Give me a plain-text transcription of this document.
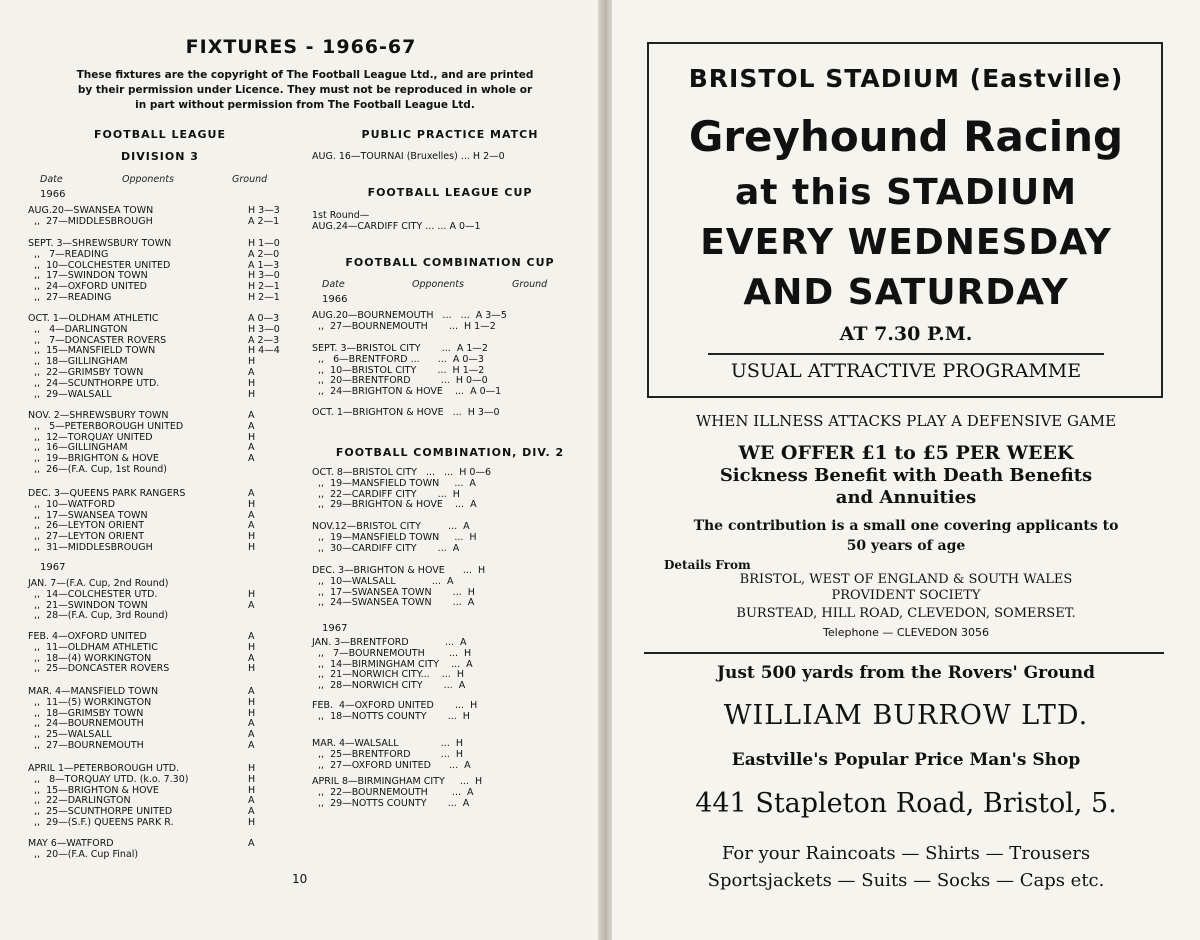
FIXTURES - 1966-67
These fixtures are the copyright of The Football League Ltd., and are printed
by their permission under Licence. They must not be reproduced in whole or
in part without permission from The Football League Ltd.
FOOTBALL LEAGUE
DIVISION 3
Date	Opponents	Ground
1966
1967
AUG.20—SWANSEA TOWN	H 3—3
,,  27—MIDDLESBROUGH	A 2—1
SEPT. 3—SHREWSBURY TOWN	H 1—0
,,   7—READING	A 2—0
,,  10—COLCHESTER UNITED	A 1—3
,,  17—SWINDON TOWN	H 3—0
,,  24—OXFORD UNITED	H 2—1
,,  27—READING	H 2—1
OCT. 1—OLDHAM ATHLETIC	A 0—3
,,   4—DARLINGTON	H 3—0
,,   7—DONCASTER ROVERS	A 2—3
,,  15—MANSFIELD TOWN	H 4—4
,,  18—GILLINGHAM	H
,,  22—GRIMSBY TOWN	A
,,  24—SCUNTHORPE UTD.	H
,,  29—WALSALL	H
NOV. 2—SHREWSBURY TOWN	A
,,   5—PETERBOROUGH UNITED	A
,,  12—TORQUAY UNITED	H
,,  16—GILLINGHAM	A
,,  19—BRIGHTON & HOVE	A
,,  26—(F.A. Cup, 1st Round)
DEC. 3—QUEENS PARK RANGERS	A
,,  10—WATFORD	H
,,  17—SWANSEA TOWN	A
,,  26—LEYTON ORIENT	A
,,  27—LEYTON ORIENT	H
,,  31—MIDDLESBROUGH	H
JAN. 7—(F.A. Cup, 2nd Round)
,,  14—COLCHESTER UTD.	H
,,  21—SWINDON TOWN	A
,,  28—(F.A. Cup, 3rd Round)
FEB. 4—OXFORD UNITED	A
,,  11—OLDHAM ATHLETIC	H
,,  18—(4) WORKINGTON	A
,,  25—DONCASTER ROVERS	H
MAR. 4—MANSFIELD TOWN	A
,,  11—(5) WORKINGTON	H
,,  18—GRIMSBY TOWN	H
,,  24—BOURNEMOUTH	A
,,  25—WALSALL	A
,,  27—BOURNEMOUTH	A
APRIL 1—PETERBOROUGH UTD.	H
,,   8—TORQUAY UTD. (k.o. 7.30)	H
,,  15—BRIGHTON & HOVE	H
,,  22—DARLINGTON	A
,,  25—SCUNTHORPE UNITED	A
,,  29—(S.F.) QUEENS PARK R.	H
MAY 6—WATFORD	A
,,  20—(F.A. Cup Final)
PUBLIC PRACTICE MATCH
AUG. 16—TOURNAI (Bruxelles) ... H 2—0
FOOTBALL LEAGUE CUP
1st Round—
AUG.24—CARDIFF CITY ... ... A 0—1
FOOTBALL COMBINATION CUP
Date	Opponents	Ground
1966
AUG.20—BOURNEMOUTH   ...   ...  A 3—5
,,  27—BOURNEMOUTH       ...  H 1—2
SEPT. 3—BRISTOL CITY       ...  A 1—2
,,   6—BRENTFORD ...      ...  A 0—3
,,  10—BRISTOL CITY       ...  H 1—2
,,  20—BRENTFORD          ...  H 0—0
,,  24—BRIGHTON & HOVE    ...  A 0—1
OCT. 1—BRIGHTON & HOVE   ...  H 3—0
FOOTBALL COMBINATION, DIV. 2
1967
OCT. 8—BRISTOL CITY   ...   ...  H 0—6
,,  19—MANSFIELD TOWN     ...  A
,,  22—CARDIFF CITY       ...  H
,,  29—BRIGHTON & HOVE    ...  A
NOV.12—BRISTOL CITY         ...  A
,,  19—MANSFIELD TOWN     ...  H
,,  30—CARDIFF CITY       ...  A
DEC. 3—BRIGHTON & HOVE      ...  H
,,  10—WALSALL            ...  A
,,  17—SWANSEA TOWN       ...  H
,,  24—SWANSEA TOWN       ...  A
JAN. 3—BRENTFORD            ...  A
,,   7—BOURNEMOUTH        ...  H
,,  14—BIRMINGHAM CITY    ...  A
,,  21—NORWICH CITY...    ...  H
,,  28—NORWICH CITY       ...  A
FEB.  4—OXFORD UNITED       ...  H
,,  18—NOTTS COUNTY       ...  H
MAR. 4—WALSALL              ...  H
,,  25—BRENTFORD          ...  H
,,  27—OXFORD UNITED      ...  A
APRIL 8—BIRMINGHAM CITY     ...  H
,,  22—BOURNEMOUTH        ...  A
,,  29—NOTTS COUNTY       ...  A
10
BRISTOL STADIUM (Eastville)
Greyhound Racing
at this STADIUM
EVERY WEDNESDAY
AND SATURDAY
AT 7.30 P.M.
USUAL ATTRACTIVE PROGRAMME
WHEN ILLNESS ATTACKS PLAY A DEFENSIVE GAME
WE OFFER £1 to £5 PER WEEK
Sickness Benefit with Death Benefits
and Annuities
The contribution is a small one covering applicants to
50 years of age
Details From
BRISTOL, WEST OF ENGLAND & SOUTH WALES
PROVIDENT SOCIETY
BURSTEAD, HILL ROAD, CLEVEDON, SOMERSET.
Telephone — CLEVEDON 3056
Just 500 yards from the Rovers' Ground
WILLIAM BURROW LTD.
Eastville's Popular Price Man's Shop
441 Stapleton Road, Bristol, 5.
For your Raincoats — Shirts — Trousers
Sportsjackets — Suits — Socks — Caps etc.
